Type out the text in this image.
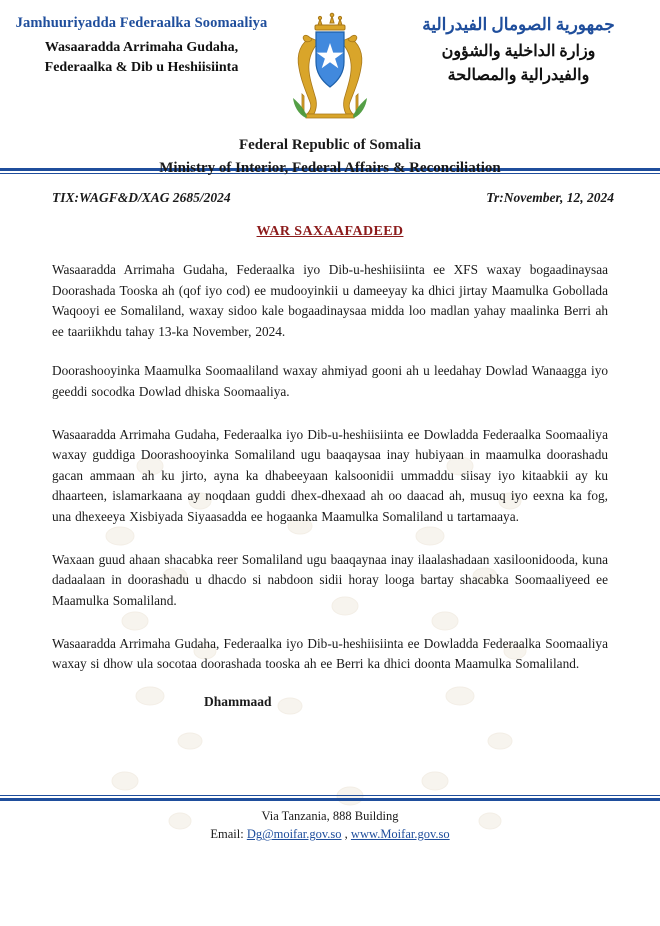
Jamhuuriyadda Federaalka Soomaaliya
Wasaaradda Arrimaha Gudaha,
Federaalka & Dib u Heshiisiinta
جمهورية الصومال الفيدرالية
وزارة الداخلية والشؤون
والفيدرالية والمصالحة
Federal Republic of Somalia
Ministry of Interior, Federal Affairs & Reconciliation
TIX:WAGF&D/XAG 2685/2024	Tr:November, 12, 2024
WAR SAXAAFADEED
Wasaaradda Arrimaha Gudaha, Federaalka iyo Dib-u-heshiisiinta ee XFS waxay bogaadinaysaa Doorashada Tooska ah (qof iyo cod) ee mudooyinkii u dameeyay ka dhici jirtay Maamulka Gobollada Waqooyi ee Somaliland, waxay sidoo kale bogaadinaysaa midda loo madlan yahay maalinka Berri ah ee taariikhdu tahay 13-ka November, 2024.
Doorashooyinka Maamulka Soomaaliland waxay ahmiyad gooni ah u leedahay Dowlad Wanaagga iyo geeddi socodka Dowlad dhiska Soomaaliya.
Wasaaradda Arrimaha Gudaha, Federaalka iyo Dib-u-heshiisiinta ee Dowladda Federaalka Soomaaliya waxay guddiga Doorashooyinka Somaliland ugu baaqaysaa inay hubiyaan in maamulka doorashadu gacan ammaan ah ku jirto, ayna ka dhabeeyaan kalsoonidii ummaddu siisay iyo kitaabkii ay ku dhaarteen, islamarkaana ay noqdaan guddi dhex-dhexaad ah oo daacad ah, musuq iyo eexna ka fog, una dhexeeya Xisbiyada Siyaasadda ee hogaanka Maamulka Somaliland u tartamaaya.
Waxaan guud ahaan shacabka reer Somaliland ugu baaqaynaa inay ilaalashadaan xasiloonidooda, kuna dadaalaan in doorashadu u dhacdo si nabdoon sidii horay looga bartay shacabka Soomaaliyeed ee Maamulka Somaliland.
Wasaaradda Arrimaha Gudaha, Federaalka iyo Dib-u-heshiisiinta ee Dowladda Federaalka Soomaaliya waxay si dhow ula socotaa doorashada tooska ah ee Berri ka dhici doonta Maamulka Somaliland.
Dhammaad
Via Tanzania, 888 Building
Email: Dg@moifar.gov.so , www.Moifar.gov.so
